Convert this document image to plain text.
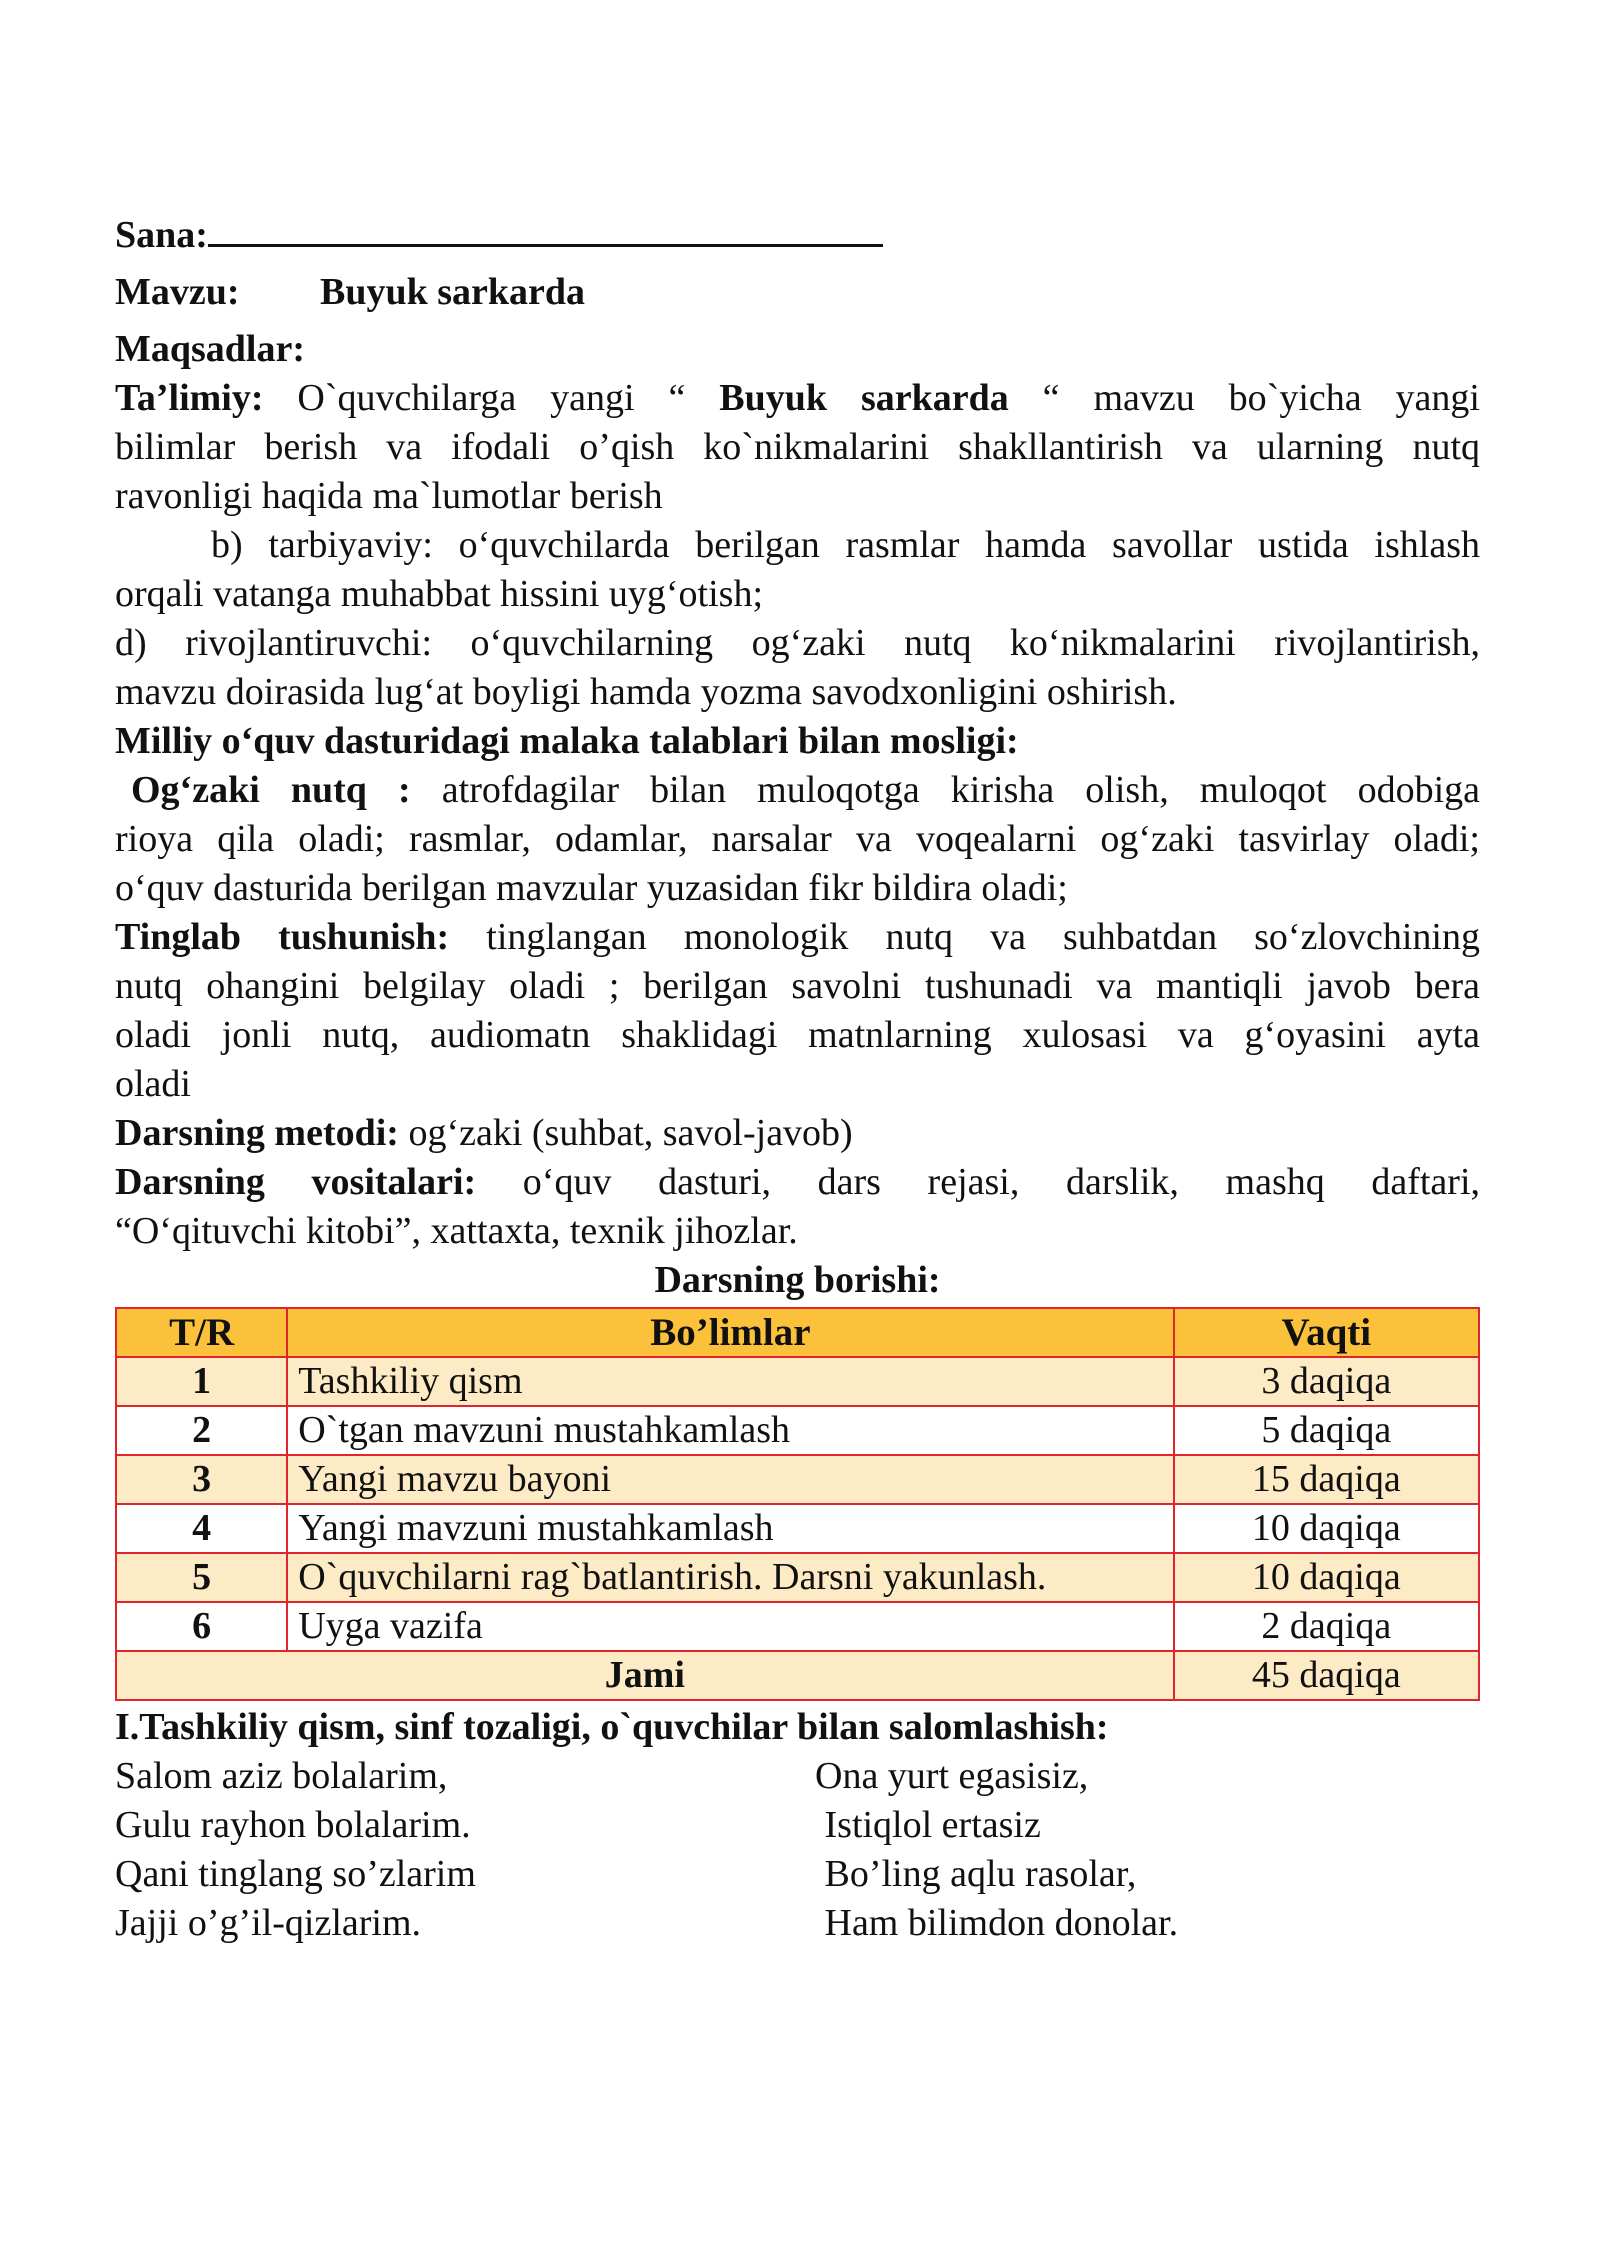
Sana:
Mavzu: Buyuk sarkarda
Maqsadlar:
Ta’limiy: O`quvchilarga yangi “ Buyuk sarkarda “ mavzu bo`yicha yangi
bilimlar berish va ifodali o’qish ko`nikmalarini shakllantirish va ularning nutq
ravonligi haqida ma`lumotlar berish
b) tarbiyaviy: o‘quvchilarda berilgan rasmlar hamda savollar ustida ishlash
orqali vatanga muhabbat hissini uyg‘otish;
d) rivojlantiruvchi: o‘quvchilarning og‘zaki nutq ko‘nikmalarini rivojlantirish,
mavzu doirasida lug‘at boyligi hamda yozma savodxonligini oshirish.
Milliy o‘quv dasturidagi malaka talablari bilan mosligi:
Og‘zaki nutq : atrofdagilar bilan muloqotga kirisha olish, muloqot odobiga
rioya qila oladi; rasmlar, odamlar, narsalar va voqealarni og‘zaki tasvirlay oladi;
o‘quv dasturida berilgan mavzular yuzasidan fikr bildira oladi;
Tinglab tushunish: tinglangan monologik nutq va suhbatdan so‘zlovchining
nutq ohangini belgilay oladi ; berilgan savolni tushunadi va mantiqli javob bera
oladi jonli nutq, audiomatn shaklidagi matnlarning xulosasi va g‘oyasini ayta
oladi
Darsning metodi: og‘zaki (suhbat, savol-javob)
Darsning vositalari: o‘quv dasturi, dars rejasi, darslik, mashq daftari,
“O‘qituvchi kitobi”, xattaxta, texnik jihozlar.
Darsning borishi:
T/R	Bo’limlar	Vaqti
1	Tashkiliy qism	3 daqiqa
2	O`tgan mavzuni mustahkamlash	5 daqiqa
3	Yangi mavzu bayoni	15 daqiqa
4	Yangi mavzuni mustahkamlash	10 daqiqa
5	O`quvchilarni rag`batlantirish. Darsni yakunlash.	10 daqiqa
6	Uyga vazifa	2 daqiqa
Jami		45 daqiqa
I.Tashkiliy qism, sinf tozaligi, o`quvchilar bilan salomlashish:
Salom aziz bolalarim,	Ona yurt egasisiz,
Gulu rayhon bolalarim.	Istiqlol ertasiz
Qani tinglang so’zlarim	Bo’ling aqlu rasolar,
Jajji o’g’il-qizlarim.	Ham bilimdon donolar.
